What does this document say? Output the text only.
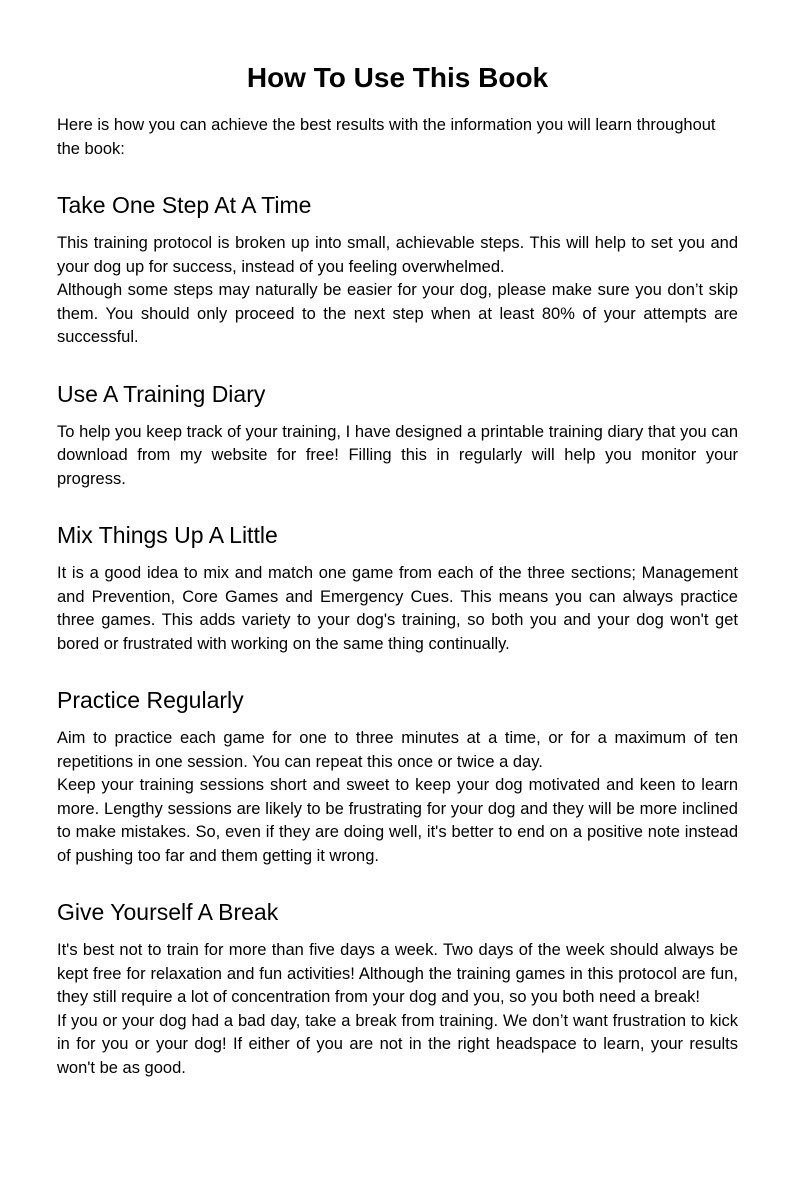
How To Use This Book

Here is how you can achieve the best results with the information you will learn throughout the book:

Take One Step At A Time

This training protocol is broken up into small, achievable steps. This will help to set you and your dog up for success, instead of you feeling overwhelmed.

Although some steps may naturally be easier for your dog, please make sure you don’t skip them. You should only proceed to the next step when at least 80% of your attempts are successful.

Use A Training Diary

To help you keep track of your training, I have designed a printable training diary that you can download from my website for free! Filling this in regularly will help you monitor your progress.

Mix Things Up A Little

It is a good idea to mix and match one game from each of the three sections; Management and Prevention, Core Games and Emergency Cues. This means you can always practice three games. This adds variety to your dog's training, so both you and your dog won't get bored or frustrated with working on the same thing continually.

Practice Regularly

Aim to practice each game for one to three minutes at a time, or for a maximum of ten repetitions in one session. You can repeat this once or twice a day.

Keep your training sessions short and sweet to keep your dog motivated and keen to learn more. Lengthy sessions are likely to be frustrating for your dog and they will be more inclined to make mistakes. So, even if they are doing well, it's better to end on a positive note instead of pushing too far and them getting it wrong.

Give Yourself A Break

It's best not to train for more than five days a week. Two days of the week should always be kept free for relaxation and fun activities! Although the training games in this protocol are fun, they still require a lot of concentration from your dog and you, so you both need a break!

If you or your dog had a bad day, take a break from training. We don’t want frustration to kick in for you or your dog! If either of you are not in the right headspace to learn, your results won't be as good.
